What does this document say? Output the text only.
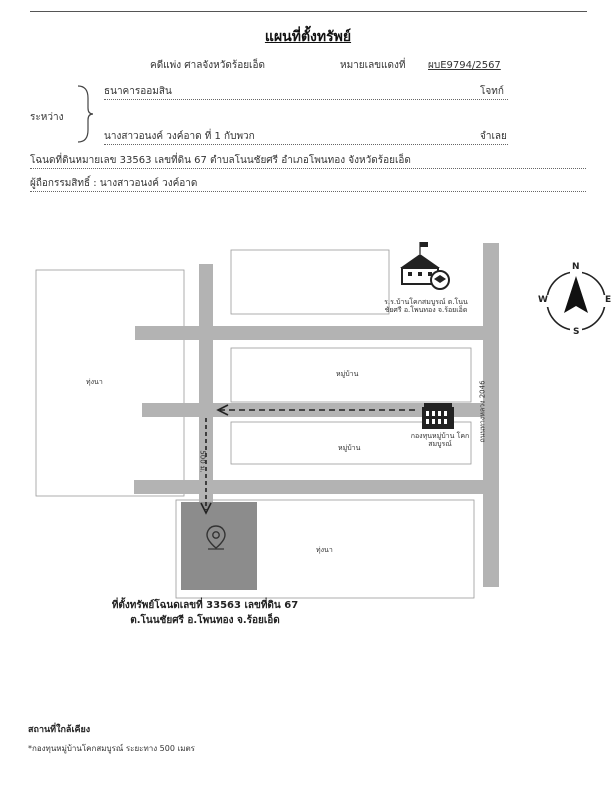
แผนที่ตั้งทรัพย์
คดีแพ่ง ศาลจังหวัดร้อยเอ็ด	หมายเลขแดงที่ ผบE9794/2567
ระหว่าง
ธนาคารออมสิน	โจทก์
นางสาวอนงค์ วงค์อาด ที่ 1 กับพวก	จำเลย
โฉนดที่ดินหมายเลข 33563 เลขที่ดิน 67 ตำบลโนนชัยศรี อำเภอโพนทอง จังหวัดร้อยเอ็ด
ผู้ถือกรรมสิทธิ์ : นางสาวอนงค์ วงค์อาด
ทุ่งนา
หมู่บ้าน
หมู่บ้าน
ทุ่งนา
ร.ร.บ้านโคกสมบูรณ์ ต.โนนชัยศรี อ.โพนทอง จ.ร้อยเอ็ด
กองทุนหมู่บ้าน โคกสมบูรณ์
ถนนทางหลวง 2046
500 ม.
ที่ตั้งทรัพย์โฉนดเลขที่ 33563 เลขที่ดิน 67
ต.โนนชัยศรี อ.โพนทอง จ.ร้อยเอ็ด
N
E
S
W
สถานที่ใกล้เคียง
*กองทุนหมู่บ้านโคกสมบูรณ์ ระยะทาง 500 เมตร
